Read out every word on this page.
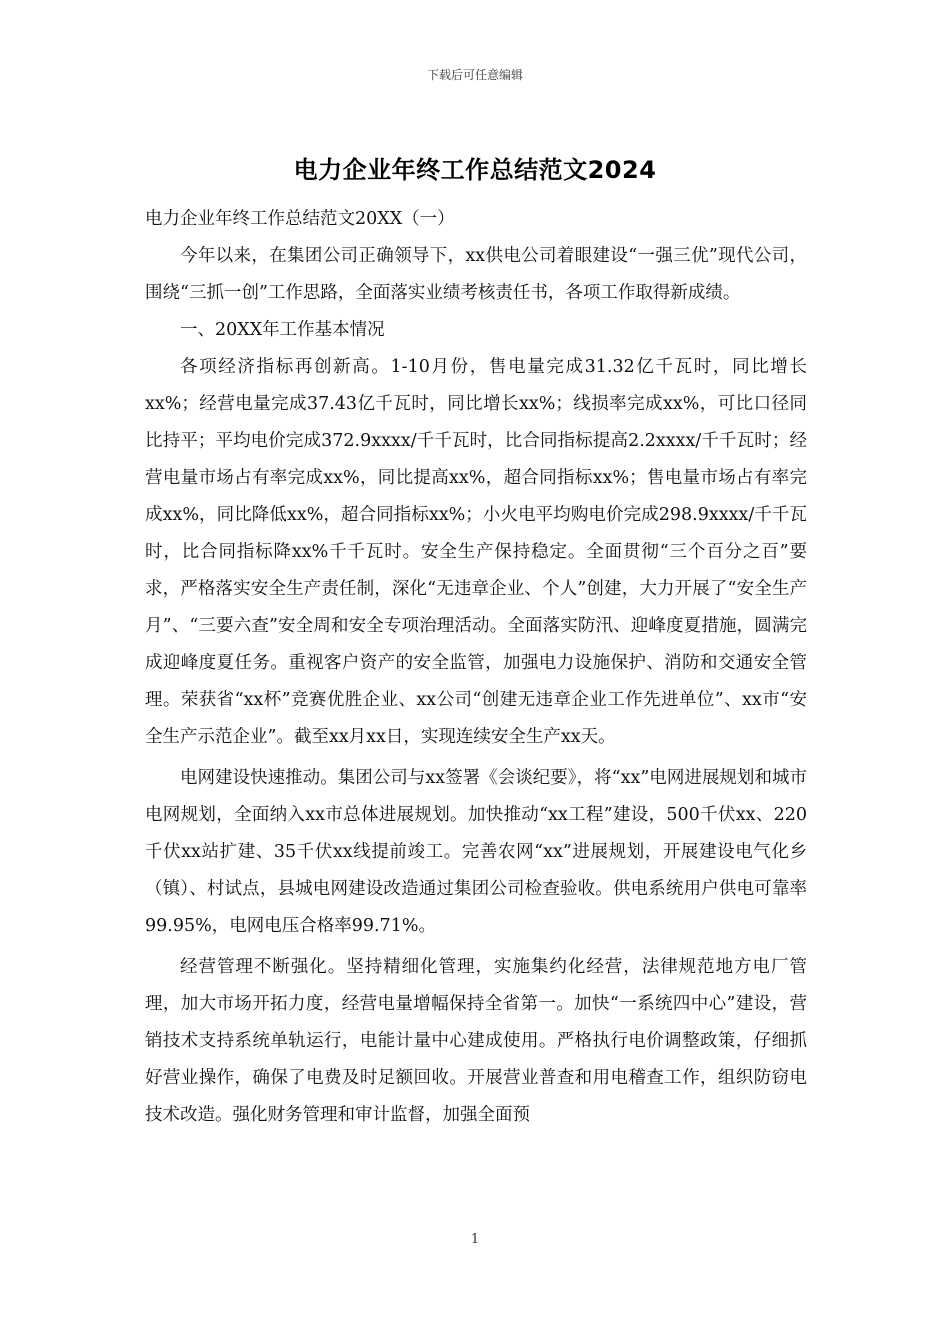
下载后可任意编辑
电力企业年终工作总结范文2024

电力企业年终工作总结范文20XX（一）

今年以来，在集团公司正确领导下，xx供电公司着眼建设“一强三优”现代公司，围绕“三抓一创”工作思路，全面落实业绩考核责任书，各项工作取得新成绩。

一、20XX年工作基本情况

各项经济指标再创新高。1-10月份，售电量完成31.32亿千瓦时，同比增长xx%；经营电量完成37.43亿千瓦时，同比增长xx%；线损率完成xx%，可比口径同比持平；平均电价完成372.9xxxx/千千瓦时，比合同指标提高2.2xxxx/千千瓦时；经营电量市场占有率完成xx%，同比提高xx%，超合同指标xx%；售电量市场占有率完成xx%，同比降低xx%，超合同指标xx%；小火电平均购电价完成298.9xxxx/千千瓦时，比合同指标降xx%千千瓦时。安全生产保持稳定。全面贯彻“三个百分之百”要求，严格落实安全生产责任制，深化“无违章企业、个人”创建，大力开展了“安全生产月”、“三要六查”安全周和安全专项治理活动。全面落实防汛、迎峰度夏措施，圆满完成迎峰度夏任务。重视客户资产的安全监管，加强电力设施保护、消防和交通安全管理。荣获省“xx杯”竞赛优胜企业、xx公司“创建无违章企业工作先进单位”、xx市“安全生产示范企业”。截至xx月xx日，实现连续安全生产xx天。

电网建设快速推动。集团公司与xx签署《会谈纪要》，将“xx”电网进展规划和城市电网规划，全面纳入xx市总体进展规划。加快推动“xx工程”建设，500千伏xx、220千伏xx站扩建、35千伏xx线提前竣工。完善农网“xx”进展规划，开展建设电气化乡（镇）、村试点，县城电网建设改造通过集团公司检查验收。供电系统用户供电可靠率99.95%，电网电压合格率99.71%。

经营管理不断强化。坚持精细化管理，实施集约化经营，法律规范地方电厂管理，加大市场开拓力度，经营电量增幅保持全省第一。加快“一系统四中心”建设，营销技术支持系统单轨运行，电能计量中心建成使用。严格执行电价调整政策，仔细抓好营业操作，确保了电费及时足额回收。开展营业普查和用电稽查工作，组织防窃电技术改造。强化财务管理和审计监督，加强全面预

1
